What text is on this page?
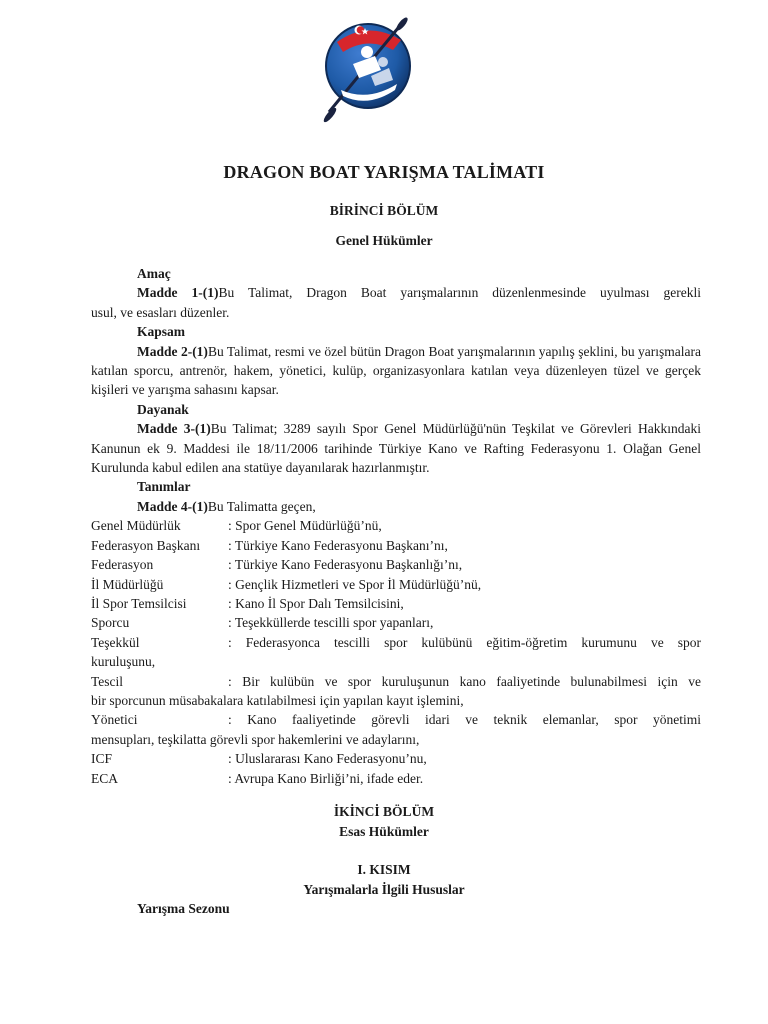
DRAGON BOAT YARIŞMA TALİMATI
BİRİNCİ BÖLÜM
Genel Hükümler

Amaç

Madde 1-(1)Bu Talimat, Dragon Boat yarışmalarının düzenlenmesinde uyulması gerekli

usul, ve esasları düzenler.

Kapsam

Madde 2-(1)Bu Talimat, resmi ve özel bütün Dragon Boat yarışmalarının yapılış şeklini, bu yarışmalara katılan sporcu, antrenör, hakem, yönetici, kulüp, organizasyonlara katılan veya düzenleyen tüzel ve gerçek kişileri ve yarışma sahasını kapsar.

Dayanak

Madde 3-(1)Bu Talimat; 3289 sayılı Spor Genel Müdürlüğü'nün Teşkilat ve Görevleri Hakkındaki Kanunun ek 9. Maddesi ile 18/11/2006 tarihinde Türkiye Kano ve Rafting Federasyonu 1. Olağan Genel Kurulunda kabul edilen ana statüye dayanılarak hazırlanmıştır.

Tanımlar

Madde 4-(1)Bu Talimatta geçen,

Genel Müdürlük	: Spor Genel Müdürlüğü’nü,
Federasyon Başkanı	: Türkiye Kano Federasyonu Başkanı’nı,
Federasyon	: Türkiye Kano Federasyonu Başkanlığı’nı,
İl Müdürlüğü	: Gençlik Hizmetleri ve Spor İl Müdürlüğü’nü,
İl Spor Temsilcisi	: Kano İl Spor Dalı Temsilcisini,
Sporcu	: Teşekküllerde tescilli spor yapanları,
Teşekkül	: Federasyonca tescilli spor kulübünü eğitim-öğretim kurumunu ve spor

kuruluşunu,

Tescil	: Bir kulübün ve spor kuruluşunun kano faaliyetinde bulunabilmesi için ve

bir sporcunun müsabakalara katılabilmesi için yapılan kayıt işlemini,

Yönetici	: Kano faaliyetinde görevli idari ve teknik elemanlar, spor yönetimi

mensupları, teşkilatta görevli spor hakemlerini ve adaylarını,

ICF	: Uluslararası Kano Federasyonu’nu,
ECA	: Avrupa Kano Birliği’ni, ifade eder.
İKİNCİ BÖLÜM
Esas Hükümler
I. KISIM
Yarışmalarla İlgili Hususlar
Yarışma Sezonu
